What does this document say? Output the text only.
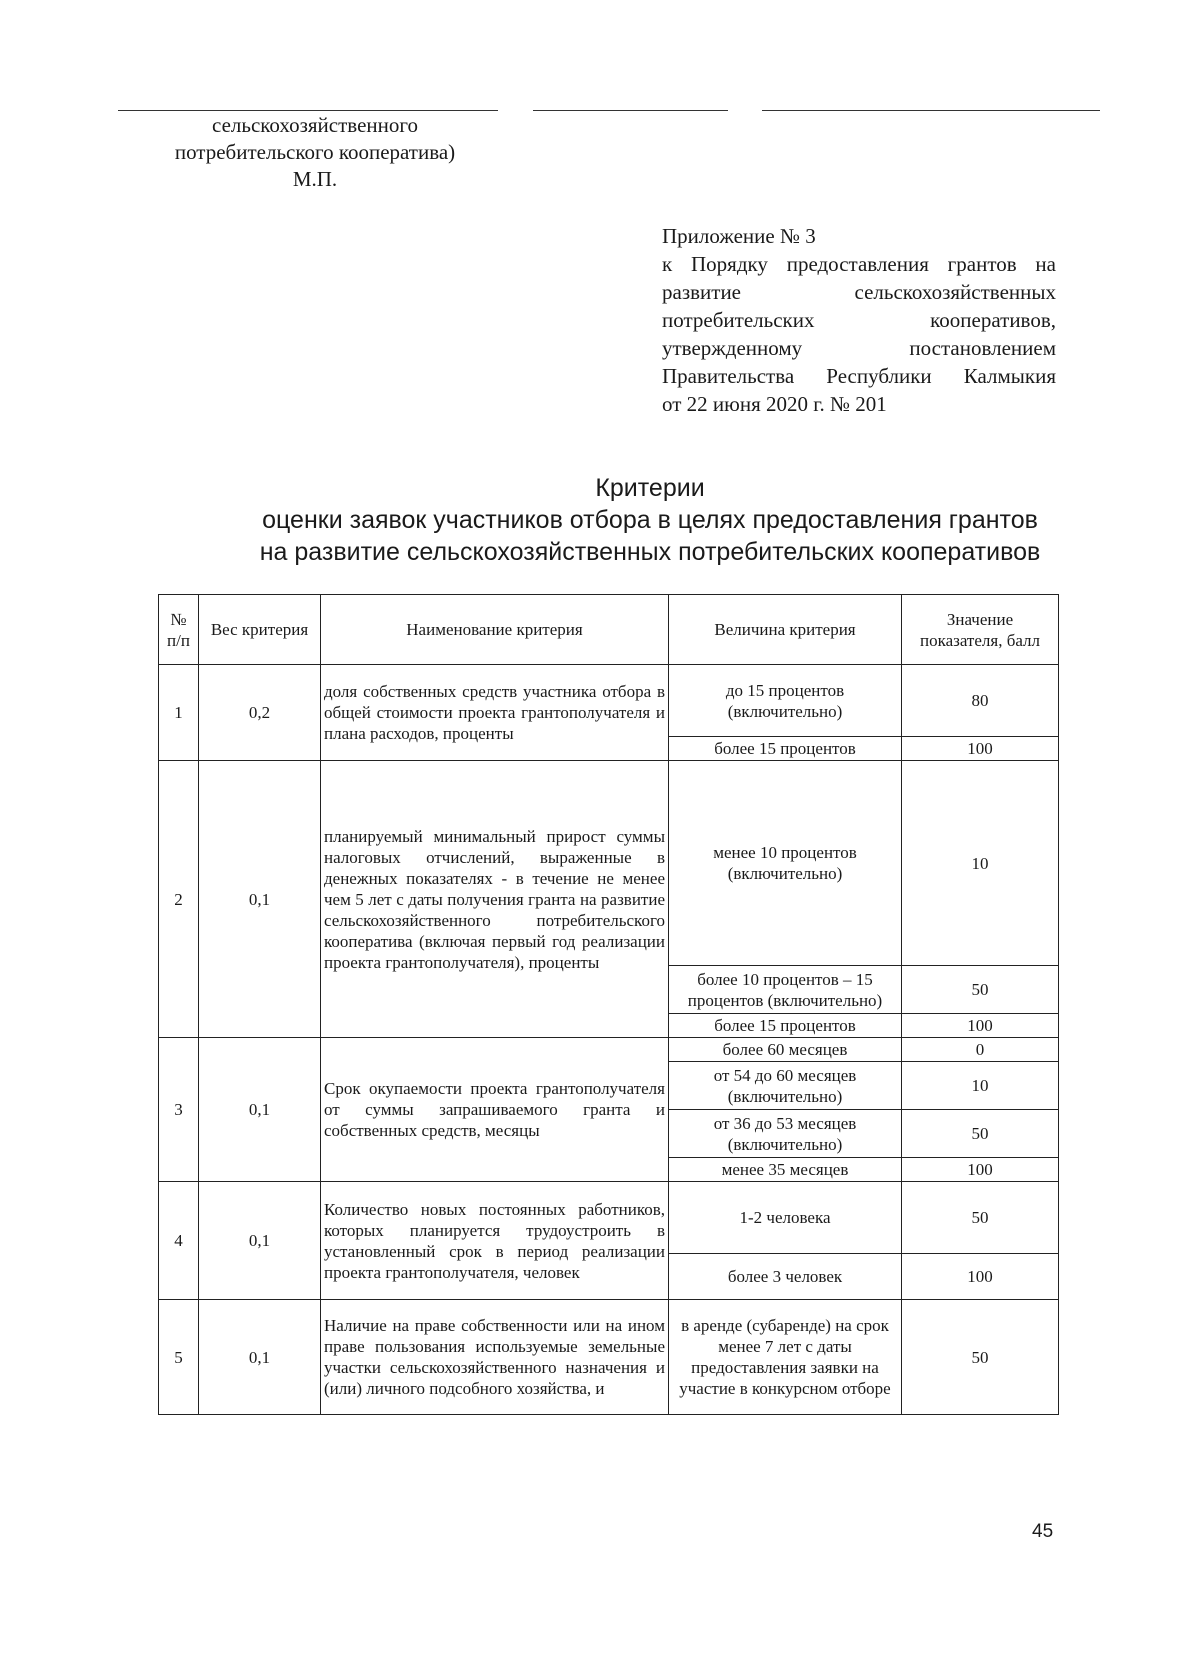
сельскохозяйственного
потребительского кооператива)
М.П.
Приложение № 3
к Порядку предоставления грантов на
развитие сельскохозяйственных
потребительских кооперативов,
утвержденному постановлением
Правительства Республики Калмыкия
от 22 июня 2020 г. № 201
Критерии
оценки заявок участников отбора в целях предоставления грантов
на развитие сельскохозяйственных потребительских кооперативов
№ п/п	Вес критерия	Наименование критерия	Величина критерия	Значение показателя, балл
1	0,2	доля собственных средств участника отбора в общей стоимости проекта грантополучателя и плана расходов, проценты	до 15 процентов (включительно)	80
			более 15 процентов	100
2	0,1	планируемый минимальный прирост суммы налоговых отчислений, выраженные в денежных показателях - в течение не менее чем 5 лет с даты получения гранта на развитие сельскохозяйственного потребительского кооператива (включая первый год реализации проекта грантополучателя), проценты	менее 10 процентов (включительно)	10
			более 10 процентов – 15 процентов (включительно)	50
			более 15 процентов	100
3	0,1	Срок окупаемости проекта грантополучателя от суммы запрашиваемого гранта и собственных средств, месяцы	более 60 месяцев	0
			от 54 до 60 месяцев (включительно)	10
			от 36 до 53 месяцев (включительно)	50
			менее 35 месяцев	100
4	0,1	Количество новых постоянных работников, которых планируется трудоустроить в установленный срок в период реализации проекта грантополучателя, человек	1-2 человека	50
			более 3 человек	100
5	0,1	Наличие на праве собственности или на ином праве пользования используемые земельные участки сельскохозяйственного назначения и (или) личного подсобного хозяйства, и	в аренде (субаренде) на срок менее 7 лет с даты предоставления заявки на участие в конкурсном отборе	50
45
